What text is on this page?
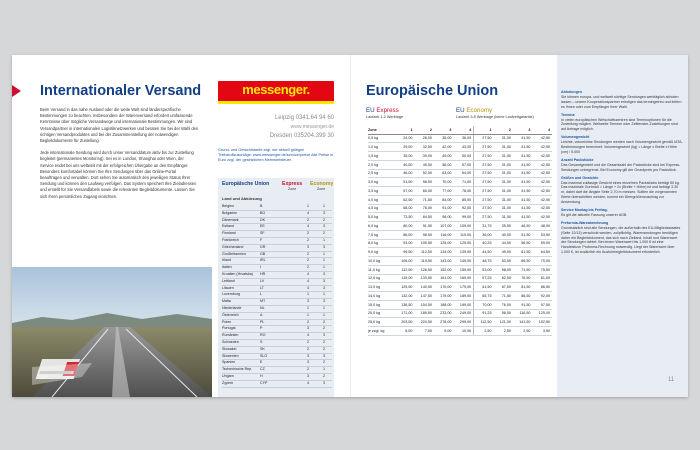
Internationaler Versand

Beim Versand in das nahe Ausland oder die weite Welt sind länderspezifische Bestimmungen zu beachten. Insbesondere der Warenversand erfordert umfassende Kenntnisse über mögliche Versandwege und internationale Bestimmungen. Wir sind Versandpartner in internationalen Logistiknetzwerken und beraten Sie bei der Wahl des richtigen Versandproduktes und bei der Zusammenstellung der notwendigen Begleitdokumente für Zustellung.

Jede internationale Sendung wird durch unser Versanddatum aktiv bis zur Zustellung begleitet (permanentes Monitoring). Sei es in London, Shanghai oder Wien, der Service endet bei uns weltweit mit der erfolgreichen Übergabe an den Empfänger. Besonders komfortabel können Sie Ihre Sendungen über das Online-Portal beauftragen und verwalten. Dort sehen Sie automatisch den jeweiligen Status Ihrer Sendung und können den Laufweg verfolgen. Das System speichert Ihre Zieladressen und erstellt für Sie Versandlabels sowie die relevanten Begleitdokumente. Lassen Sie sich Ihren persönlichen Zugang einrichten.

10
messenger.
Leipzig 0341.64 94 60
www.messenger.de
Dresden 035204.399 30
Grund- und Gewichtstarife zzgl. der aktuell gültigen Treibstoffzuschläge: www.messenger.de/service/preise Alle Preise in Euro zzgl. der gesetzlichen Mehrwertsteuer.
Europäische Union Express Economy
Zone	Zone
Land und Abkürzung
Belgien	B	1	1
Bulgarien	BG	4	3
Dänemark	DK	2	2
Estland	EE	4	3
Finnland	SF	2	2
Frankreich	F	2	1
Griechenland	GR	3	3
Großbritannien	GB	2	1
Irland	IRL	2	1
Italien	I	2	1
Kroatien (Hrvatska)	HR	4	3
Lettland	LV	4	3
Litauen	LT	4	3
Luxemburg	L	1	1
Malta	MT	3	3
Niederlande	NL	1	1
Österreich	A	1	1
Polen	PL	2	2
Portugal	P	3	2
Rumänien	RO	4	3
Schweden	S	2	2
Slowakei	SK	2	2
Slowenien	SLO	3	3
Spanien	E	3	2
Tschechische Rep.	CZ	2	1
Ungarn	H	3	2
Zypern	CYP	4	3
Europäische Union
EU Express
Laufzeit 1-2 Werktage
EU Economy
Laufzeit 3-5 Werktage (keine Laufzeitgarantie)
Zone	1	2	3	4	1	2	3	4
0,5 kg	24,00	26,00	35,00	36,00	27,50	31,00	41,50	42,50
1,0 kg	29,50	32,50	42,00	43,00	27,50	31,00	41,50	42,50
1,5 kg	35,00	39,00	49,00	50,00	27,50	31,00	41,50	42,50
2,0 kg	40,50	45,50	56,00	57,00	27,50	31,00	41,50	42,50
2,5 kg	46,00	52,00	63,00	64,00	27,50	31,00	41,50	42,50
3,0 kg	51,50	58,50	70,00	71,00	27,50	31,00	41,50	42,50
3,5 kg	57,00	65,00	77,00	78,00	27,50	31,00	41,50	42,50
4,0 kg	62,50	71,50	84,00	85,00	27,50	31,00	41,50	42,50
4,5 kg	68,00	78,00	91,00	92,00	27,50	31,00	41,50	42,50
5,0 kg	73,50	84,50	98,00	99,00	27,50	31,00	41,50	42,50
6,0 kg	80,00	91,50	107,00	109,00	31,75	35,50	46,50	48,00
7,0 kg	86,50	98,50	116,00	119,00	36,00	40,00	51,50	53,50
8,0 kg	93,00	105,50	125,00	129,00	40,25	44,50	56,50	59,00
9,0 kg	99,50	112,50	134,00	139,00	44,50	49,00	61,50	64,50
10,0 kg	106,00	119,50	143,00	149,00	48,75	53,50	66,50	70,00
11,0 kg	112,50	126,50	152,00	159,00	53,00	58,00	71,50	75,50
12,0 kg	119,00	133,50	161,00	169,00	57,25	62,50	76,50	81,00
13,0 kg	125,50	140,50	170,00	179,00	61,50	67,00	81,50	86,50
14,0 kg	132,00	147,50	179,00	189,00	65,75	71,50	86,50	92,00
15,0 kg	138,50	154,50	188,00	199,00	70,00	76,00	91,50	97,50
20,0 kg	171,00	189,50	233,00	249,00	91,25	98,50	116,50	125,00
25,0 kg	203,50	224,50	278,00	299,00	112,50	121,00	141,50	152,50
je zzgl. kg	6,50	7,00	9,00	10,00	2,50	2,50	2,50	3,50
Abholungen
Sie können europa- und weltweit sichtige Sendungen werktäglich abholen lassen – unsere Kooperationspartner erledigen das termingetreu und liefern es Ihnen oder zum Empfänger Ihrer Wahl.
Termine
In vielen europäischen Wirtschaftszentren sind Terminoptionen für die Zustellung möglich. Weltweite Termine oder Zeitfenster-Zustellungen sind auf Anfrage möglich.
Volumengewicht
Leichte, voluminöse Sendungen werden nach Volumengewicht gemäß IATA-Bestimmungen berechnet: Volumengewicht (kg) = Länge x Breite x Höhe (cm) / 5.000
Anzahl Packstücke
Das Gesamtgewicht und die Gesamtzahl der Packstücke sind bei Express-Sendungen unbegrenzt. Bei Economy gilt der Grundpreis pro Packstück.
Größen und Gewichte
Das maximal zulässige Gewicht eines einzelnen Packstücks beträgt 50 kg. Das maximale Gurtmaß = Länge + 2x (Breite + Höhe) ist und beträgt 3,30 m, dabei darf die längste Seite 2,70 m messen. Sollten die vorgenannten Werte überschritten werden, kommt ein Übergrößenzuschlag zur Anwendung.
Service Montag bis Freitag.
Es gilt die aktuelle Fassung unserer AGB.
Preformia-Wareabrechnung
Grundsätzlich sind alle Sendungen, die außerhalb des EU-Mitgliedsstaates (Seite 12/13) verschickt werden, zollpflichtig. Warensendungen benötigen daher ein Begleitdokument, das sich nach Zielland, Inhalt und Warenwert der Sendungen richtet. Bei einem Warenwert bis 1.000 € ist eine Handelsbzw. Proforma-Rechnung notwendig. Liegt der Warenwert über 1.000 €, ist zusätzlich ein Ausfuhrbegleitdokument erforderlich.
11
